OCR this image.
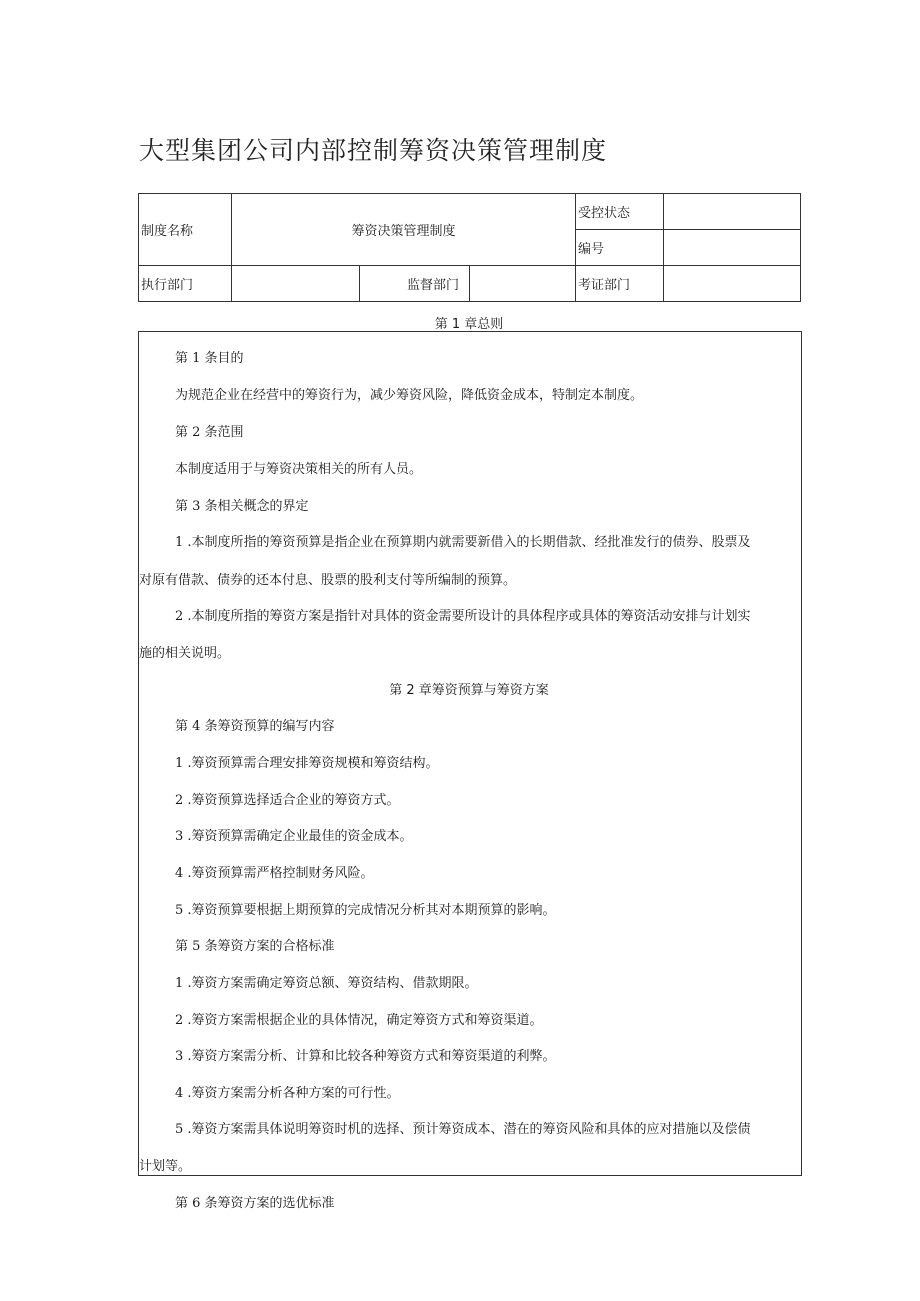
大型集团公司内部控制筹资决策管理制度
制度名称	筹资决策管理制度			受控状态	
				编号	
执行部门		监督部门		考证部门	
第 1 章总则
第 1 条目的
为规范企业在经营中的筹资行为，减少筹资风险，降低资金成本，特制定本制度。
第 2 条范围
本制度适用于与筹资决策相关的所有人员。
第 3 条相关概念的界定
1 .本制度所指的筹资预算是指企业在预算期内就需要新借入的长期借款、经批准发行的债券、股票及
对原有借款、债券的还本付息、股票的股利支付等所编制的预算。
2 .本制度所指的筹资方案是指针对具体的资金需要所设计的具体程序或具体的筹资活动安排与计划实
施的相关说明。
第 2 章筹资预算与筹资方案
第 4 条筹资预算的编写内容
1 .筹资预算需合理安排筹资规模和筹资结构。
2 .筹资预算选择适合企业的筹资方式。
3 .筹资预算需确定企业最佳的资金成本。
4 .筹资预算需严格控制财务风险。
5 .筹资预算要根据上期预算的完成情况分析其对本期预算的影响。
第 5 条筹资方案的合格标准
1 .筹资方案需确定筹资总额、筹资结构、借款期限。
2 .筹资方案需根据企业的具体情况，确定筹资方式和筹资渠道。
3 .筹资方案需分析、计算和比较各种筹资方式和筹资渠道的利弊。
4 .筹资方案需分析各种方案的可行性。
5 .筹资方案需具体说明筹资时机的选择、预计筹资成本、潜在的筹资风险和具体的应对措施以及偿债
计划等。
第 6 条筹资方案的选优标准
